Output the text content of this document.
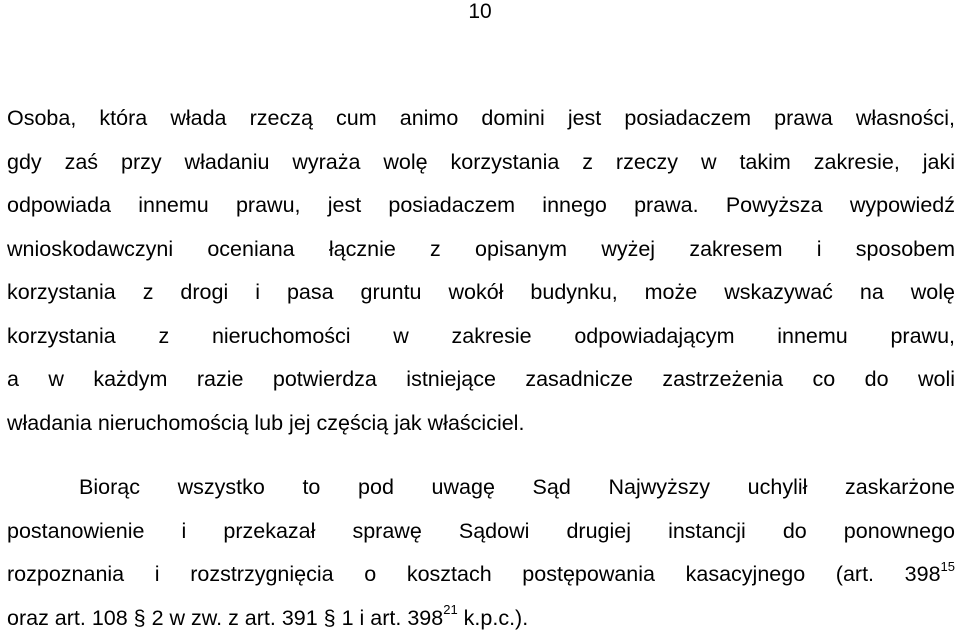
10
Osoba, która włada rzeczą cum animo domini jest posiadaczem prawa własności,
gdy zaś przy władaniu wyraża wolę korzystania z rzeczy w takim zakresie, jaki
odpowiada innemu prawu, jest posiadaczem innego prawa. Powyższa wypowiedź
wnioskodawczyni oceniana łącznie z opisanym wyżej zakresem i sposobem
korzystania z drogi i pasa gruntu wokół budynku, może wskazywać na wolę
korzystania z nieruchomości w zakresie odpowiadającym innemu prawu,
a w każdym razie potwierdza istniejące zasadnicze zastrzeżenia co do woli
władania nieruchomością lub jej częścią jak właściciel.
Biorąc wszystko to pod uwagę Sąd Najwyższy uchylił zaskarżone
postanowienie i przekazał sprawę Sądowi drugiej instancji do ponownego
rozpoznania i rozstrzygnięcia o kosztach postępowania kasacyjnego (art. $398^{15}$
oraz art. 108 § 2 w zw. z art. 391 § 1 i art. $398^{21}$ k.p.c.).
